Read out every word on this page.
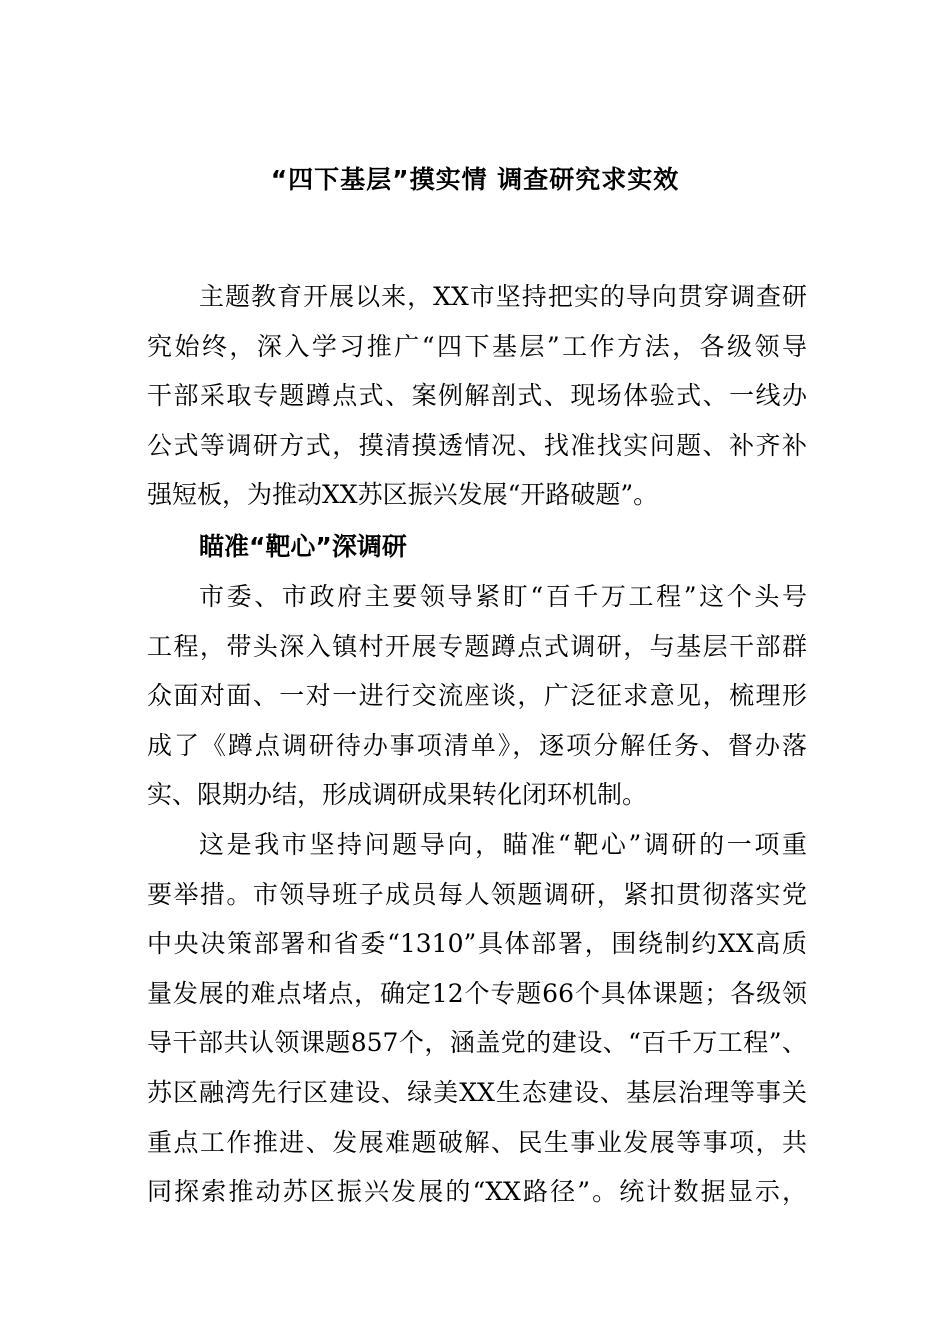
“四下基层”摸实情 调查研究求实效
主题教育开展以来，XX市坚持把实的导向贯穿调查研
究始终，深入学习推广“四下基层”工作方法，各级领导
干部采取专题蹲点式、案例解剖式、现场体验式、一线办
公式等调研方式，摸清摸透情况、找准找实问题、补齐补
强短板，为推动XX苏区振兴发展“开路破题”。
瞄准“靶心”深调研
市委、市政府主要领导紧盯“百千万工程”这个头号
工程，带头深入镇村开展专题蹲点式调研，与基层干部群
众面对面、一对一进行交流座谈，广泛征求意见，梳理形
成了《蹲点调研待办事项清单》，逐项分解任务、督办落
实、限期办结，形成调研成果转化闭环机制。
这是我市坚持问题导向，瞄准“靶心”调研的一项重
要举措。市领导班子成员每人领题调研，紧扣贯彻落实党
中央决策部署和省委“1310”具体部署，围绕制约XX高质
量发展的难点堵点，确定12个专题66个具体课题；各级领
导干部共认领课题857个，涵盖党的建设、“百千万工程”、
苏区融湾先行区建设、绿美XX生态建设、基层治理等事关
重点工作推进、发展难题破解、民生事业发展等事项，共
同探索推动苏区振兴发展的“XX路径”。统计数据显示，
